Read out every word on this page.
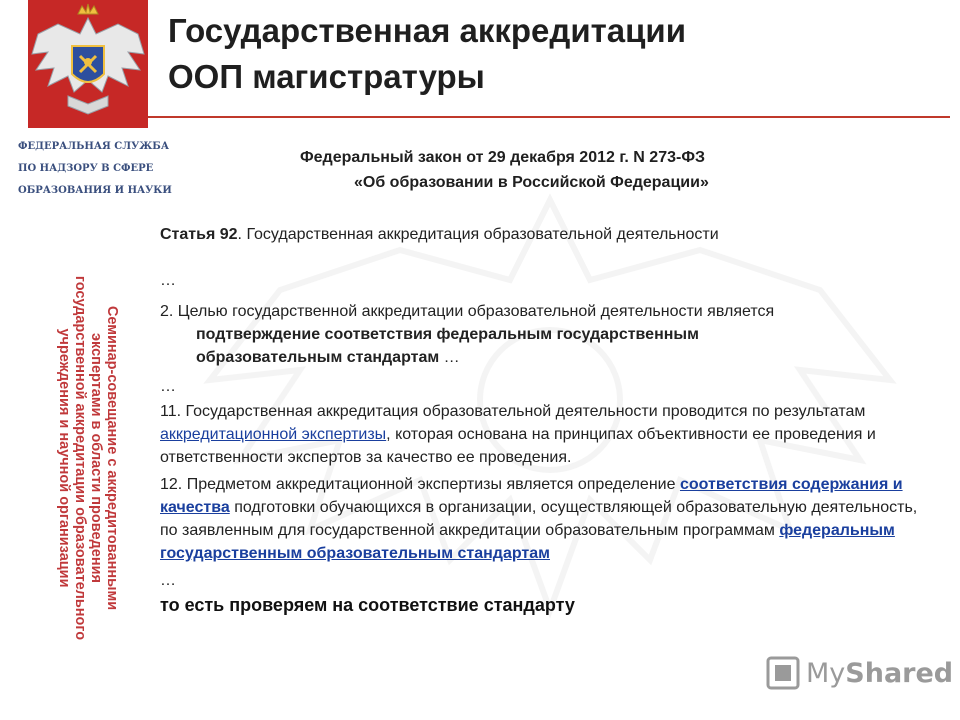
ФЕДЕРАЛЬНАЯ СЛУЖБА
ПО НАДЗОРУ В СФЕРЕ
ОБРАЗОВАНИЯ И НАУКИ
Семинар-совещание с аккредитованными
экспертами в области проведения
государственной аккредитации образовательного
учреждения и научной организации
Государственная аккредитации
ООП магистратуры
Федеральный закон от 29 декабря 2012 г. N 273-ФЗ
«Об образовании в Российской Федерации»

Статья 92. Государственная аккредитация образовательной деятельности

…

2. Целью государственной аккредитации образовательной деятельности является
подтверждение соответствия федеральным государственным образовательным стандартам …

…

11. Государственная аккредитация образовательной деятельности проводится по результатам аккредитационной экспертизы, которая основана на принципах объективности ее проведения и ответственности экспертов за качество ее проведения.

12. Предметом аккредитационной экспертизы является определение соответствия содержания и качества подготовки обучающихся в организации, осуществляющей образовательную деятельность, по заявленным для государственной аккредитации образовательным программам федеральным государственным образовательным стандартам

…

то есть проверяем на соответствие стандарту

MyShared
